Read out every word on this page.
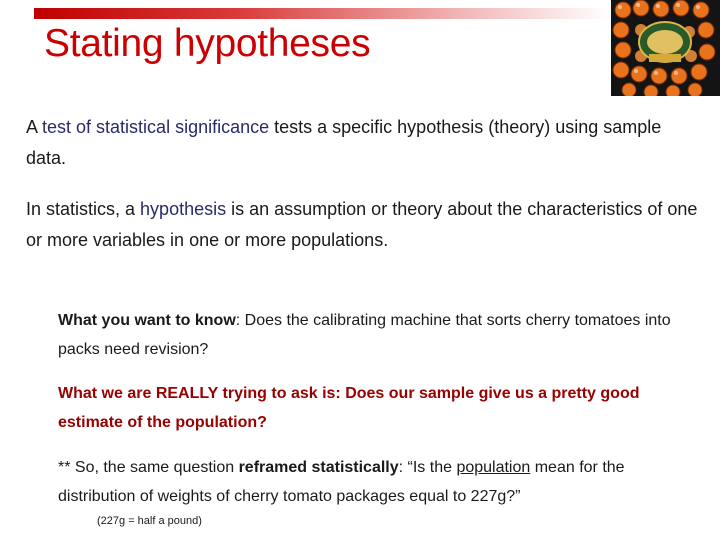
Stating hypotheses
A test of statistical significance tests a specific hypothesis (theory) using sample data.
In statistics, a hypothesis is an assumption or theory about the characteristics of one or more variables in one or more populations.
What you want to know: Does the calibrating machine that sorts cherry tomatoes into packs need revision?
What we are REALLY trying to ask is: Does our sample give us a pretty good estimate of the population?
** So, the same question reframed statistically: “Is the population mean for the distribution of weights of cherry tomato packages equal to 227g?”
(227g = half a pound)
